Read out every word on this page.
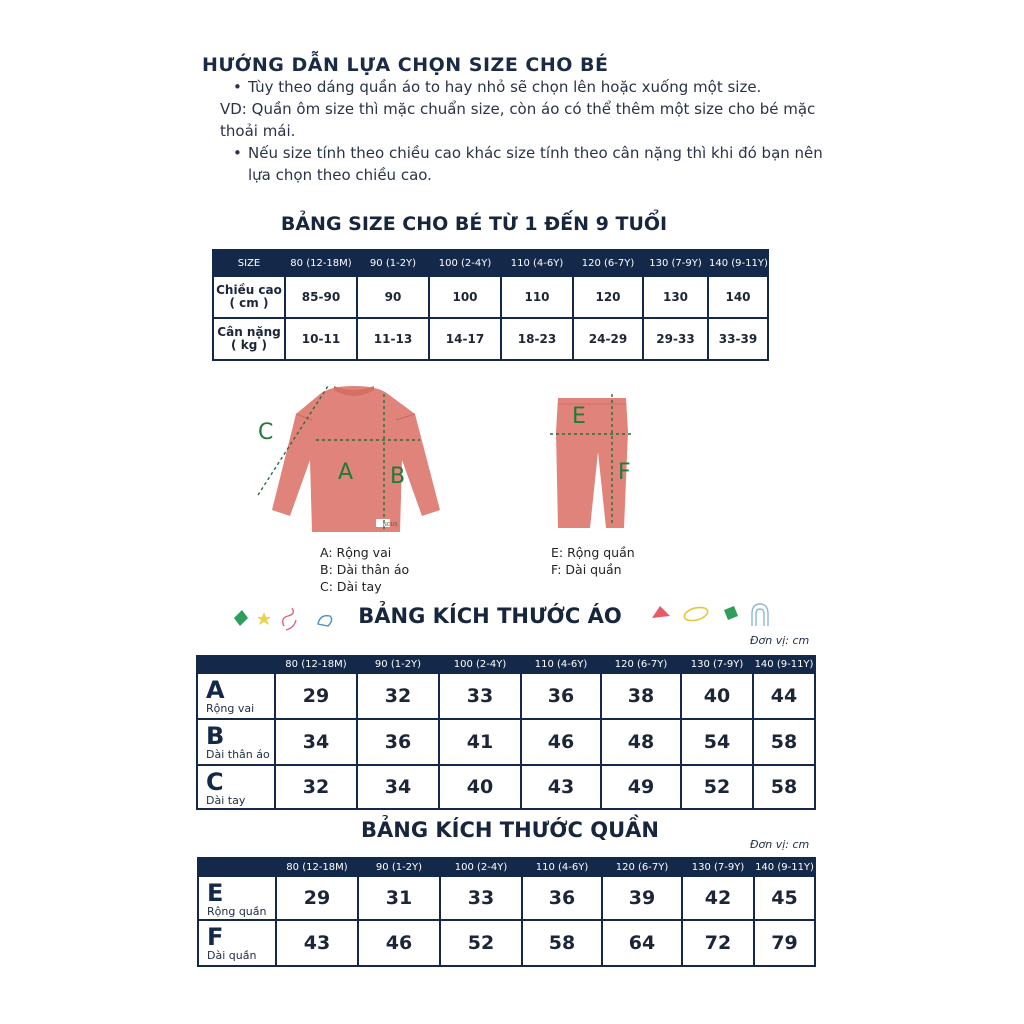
HƯỚNG DẪN LỰA CHỌN SIZE CHO BÉ
• Tùy theo dáng quần áo to hay nhỏ sẽ chọn lên hoặc xuống một size.
VD: Quần ôm size thì mặc chuẩn size, còn áo có thể thêm một size cho bé mặc
thoải mái.
• Nếu size tính theo chiều cao khác size tính theo cân nặng thì khi đó bạn nên
lựa chọn theo chiều cao.
BẢNG SIZE CHO BÉ TỪ 1 ĐẾN 9 TUỔI
SIZE	80 (12-18M)	90 (1-2Y)	100 (2-4Y)	110 (4-6Y)	120 (6-7Y)	130 (7-9Y)	140 (9-11Y)
Chiều cao
( cm )	85-90	90	100	110	120	130	140
Cân nặng
( kg )	10-11	11-13	14-17	18-23	24-29	29-33	33-39
NOUS
C
A B
E
F
A: Rộng vai
B: Dài thân áo
C: Dài tay
E: Rộng quần
F: Dài quần
BẢNG KÍCH THƯỚC ÁO
Đơn vị: cm
	80 (12-18M)	90 (1-2Y)	100 (2-4Y)	110 (4-6Y)	120 (6-7Y)	130 (7-9Y)	140 (9-11Y)

A
Rộng vai	29	32	33	36	38	40	44

B
Dài thân áo	34	36	41	46	48	54	58

C
Dài tay	32	34	40	43	49	52	58
BẢNG KÍCH THƯỚC QUẦN
Đơn vị: cm
	80 (12-18M)	90 (1-2Y)	100 (2-4Y)	110 (4-6Y)	120 (6-7Y)	130 (7-9Y)	140 (9-11Y)

E
Rộng quần	29	31	33	36	39	42	45

F
Dài quần	43	46	52	58	64	72	79
